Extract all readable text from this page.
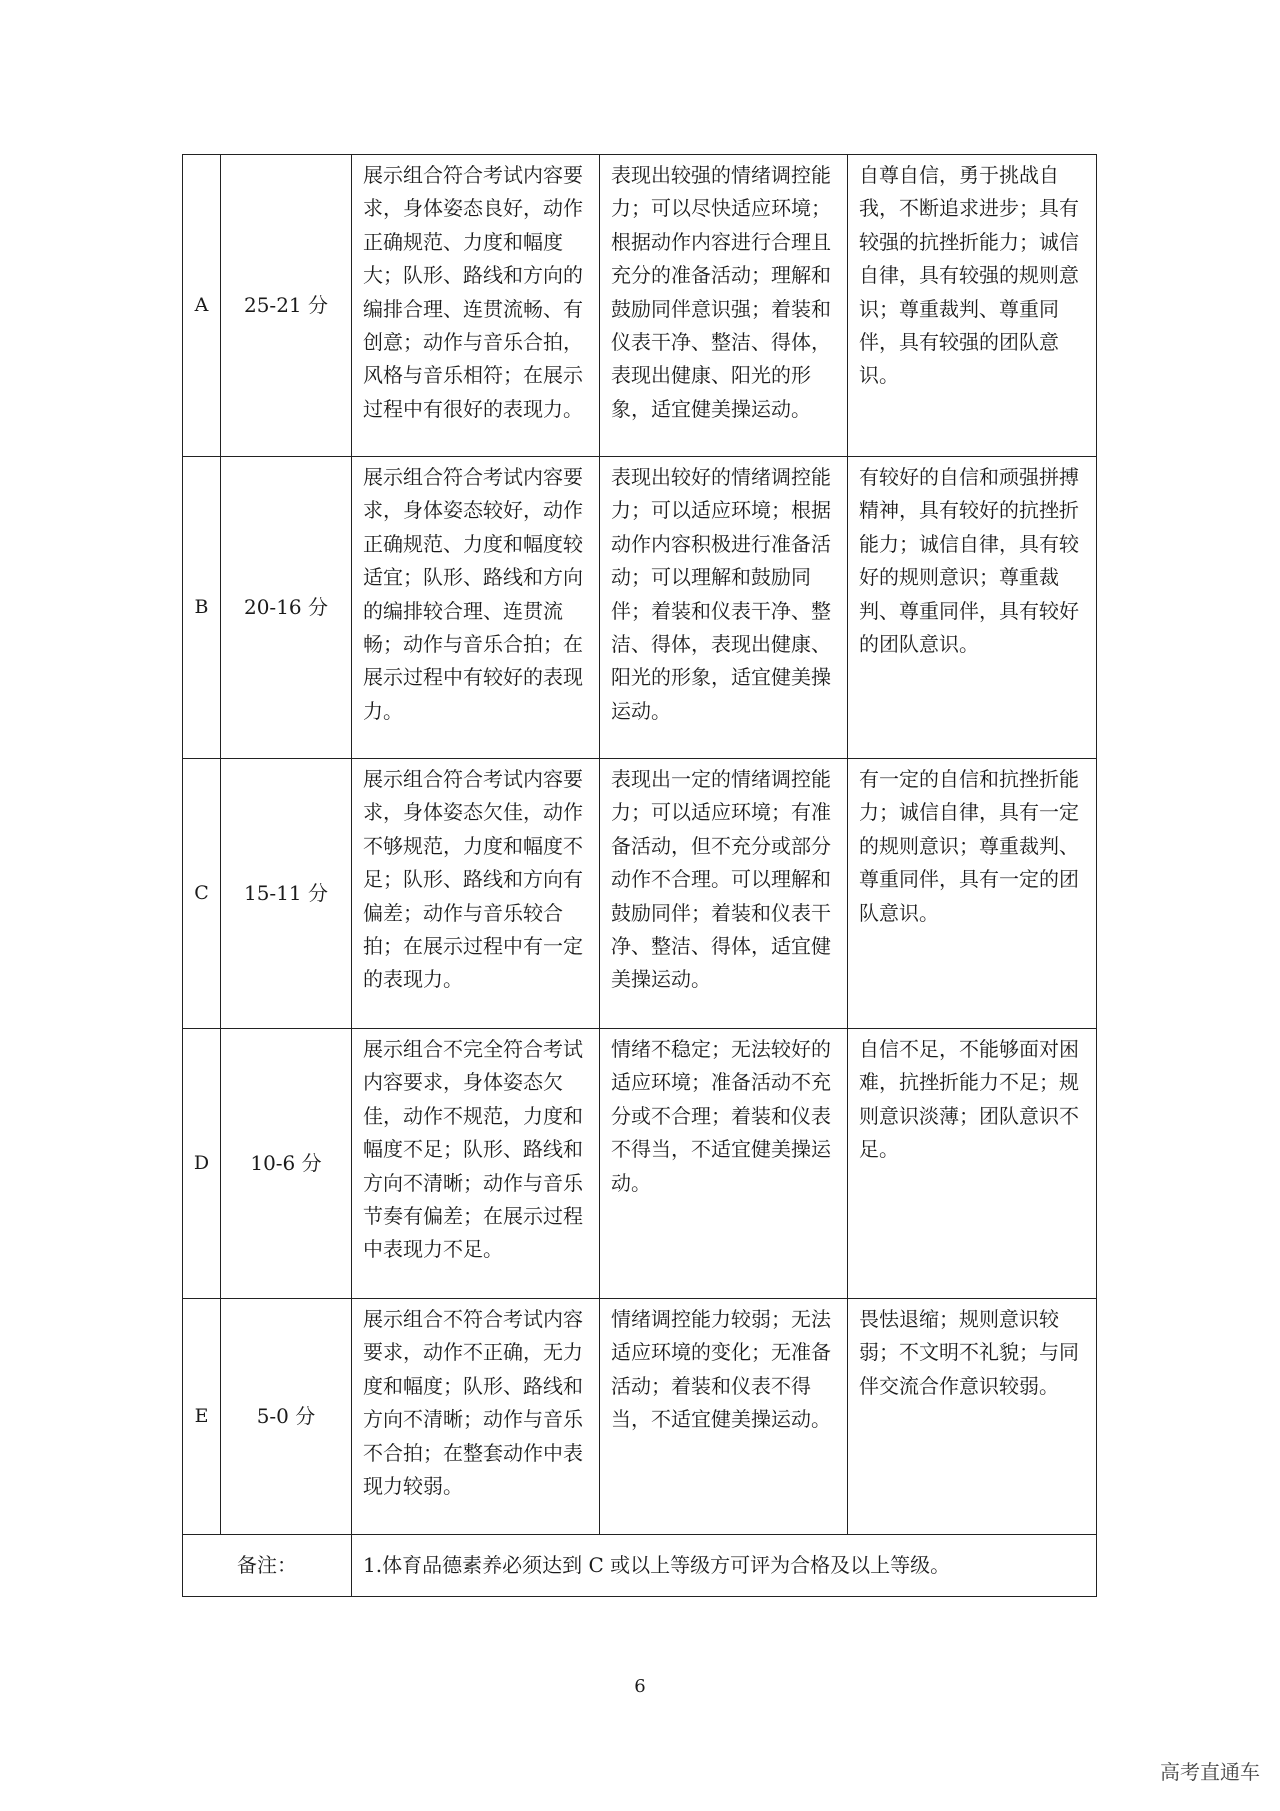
A	25-21 分	展示组合符合考试内容要求，身体姿态良好，动作正确规范、力度和幅度大；队形、路线和方向的编排合理、连贯流畅、有创意；动作与音乐合拍，风格与音乐相符；在展示过程中有很好的表现力。	表现出较强的情绪调控能力；可以尽快适应环境；根据动作内容进行合理且充分的准备活动；理解和鼓励同伴意识强；着装和仪表干净、整洁、得体，表现出健康、阳光的形象，适宜健美操运动。	自尊自信，勇于挑战自我，不断追求进步；具有较强的抗挫折能力；诚信自律，具有较强的规则意识；尊重裁判、尊重同伴，具有较强的团队意识。
B	20-16 分	展示组合符合考试内容要求，身体姿态较好，动作正确规范、力度和幅度较适宜；队形、路线和方向的编排较合理、连贯流畅；动作与音乐合拍；在展示过程中有较好的表现力。	表现出较好的情绪调控能力；可以适应环境；根据动作内容积极进行准备活动；可以理解和鼓励同伴；着装和仪表干净、整洁、得体，表现出健康、阳光的形象，适宜健美操运动。	有较好的自信和顽强拼搏精神，具有较好的抗挫折能力；诚信自律，具有较好的规则意识；尊重裁判、尊重同伴，具有较好的团队意识。
C	15-11 分	展示组合符合考试内容要求，身体姿态欠佳，动作不够规范，力度和幅度不足；队形、路线和方向有偏差；动作与音乐较合拍；在展示过程中有一定的表现力。	表现出一定的情绪调控能力；可以适应环境；有准备活动，但不充分或部分动作不合理。可以理解和鼓励同伴；着装和仪表干净、整洁、得体，适宜健美操运动。	有一定的自信和抗挫折能力；诚信自律，具有一定的规则意识；尊重裁判、尊重同伴，具有一定的团队意识。
D	10-6 分	展示组合不完全符合考试内容要求，身体姿态欠佳，动作不规范，力度和幅度不足；队形、路线和方向不清晰；动作与音乐节奏有偏差；在展示过程中表现力不足。	情绪不稳定；无法较好的适应环境；准备活动不充分或不合理；着装和仪表不得当，不适宜健美操运动。	自信不足，不能够面对困难，抗挫折能力不足；规则意识淡薄；团队意识不足。
E	5-0 分	展示组合不符合考试内容要求，动作不正确，无力度和幅度；队形、路线和方向不清晰；动作与音乐不合拍；在整套动作中表现力较弱。	情绪调控能力较弱；无法适应环境的变化；无准备活动；着装和仪表不得当，不适宜健美操运动。	畏怯退缩；规则意识较弱；不文明不礼貌；与同伴交流合作意识较弱。
备注：		1.体育品德素养必须达到 C 或以上等级方可评为合格及以上等级。		
6
高考直通车
